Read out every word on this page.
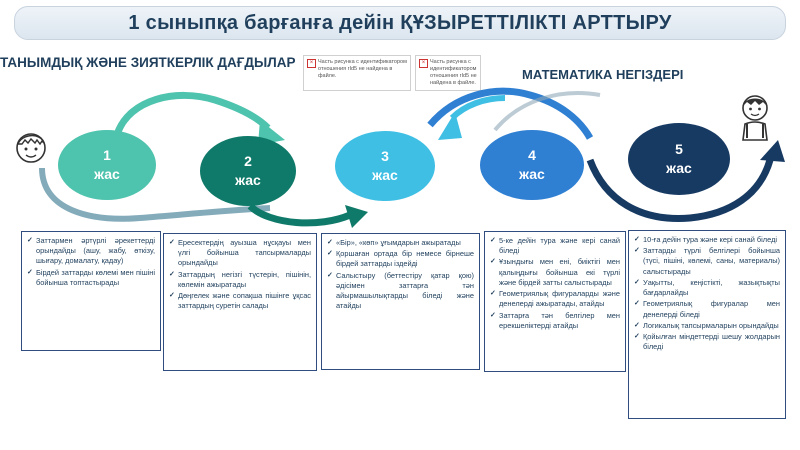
1 сыныпқа барғанға дейін ҚҰЗЫРЕТТІЛІКТІ АРТТЫРУ
ТАНЫМДЫҚ ЖӘНЕ ЗИЯТКЕРЛІК ДАҒДЫЛАР
МАТЕМАТИКА НЕГІЗДЕРІ
× Часть рисунка с идентификатором отношения rId5 не найдена в файле.
× Часть рисунка с идентификатором отношения rId5 не найдена в файле.
1
жас
2
жас
3
жас
4
жас
5
жас
✓ Заттармен әртүрлі әрекеттерді орындайды (ашу, жабу, өткізу, шығару, домалату, қадау)
✓ Бірдей заттарды көлемі мен пішіні бойынша топтастырады
✓ Ересектердің ауызша нұсқауы мен үлгі бойынша тапсырмаларды орындайды
✓ Заттардың негізгі түстерін, пішінін, көлемін ажыратады
✓ Дөңгелек және сопақша пішінге ұқсас заттардың суретін салады
✓ «Бір», «көп» ұғымдарын ажыратады
✓ Қоршаған ортада бір немесе бірнеше бірдей заттарды іздейді
✓ Салыстыру (беттестіру қатар қою) әдісімен заттарға тән айырмашылықтарды біледі және атайды
✓ 5-ке дейін тура және кері санай біледі
✓ Ұзындығы мен ені, биіктігі мен қалыңдығы бойынша екі түрлі және бірдей затты салыстырады
✓ Геометриялық фигураларды және денелерді ажыратады, атайды
✓ Заттарға тән белгілер мен ерекшеліктерді атайды
✓ 10-ға дейін тура және кері санай біледі
✓ Заттарды түрлі белгілері бойынша (түсі, пішіні, көлемі, саны, материалы) салыстырады
✓ Уақытты, кеңістікті, жазықтықты бағдарлайды
✓ Геометриялық фигуралар мен денелерді біледі
✓ Логикалық тапсырмаларын орындайды
✓ Қойылған міндеттерді шешу жолдарын біледі
